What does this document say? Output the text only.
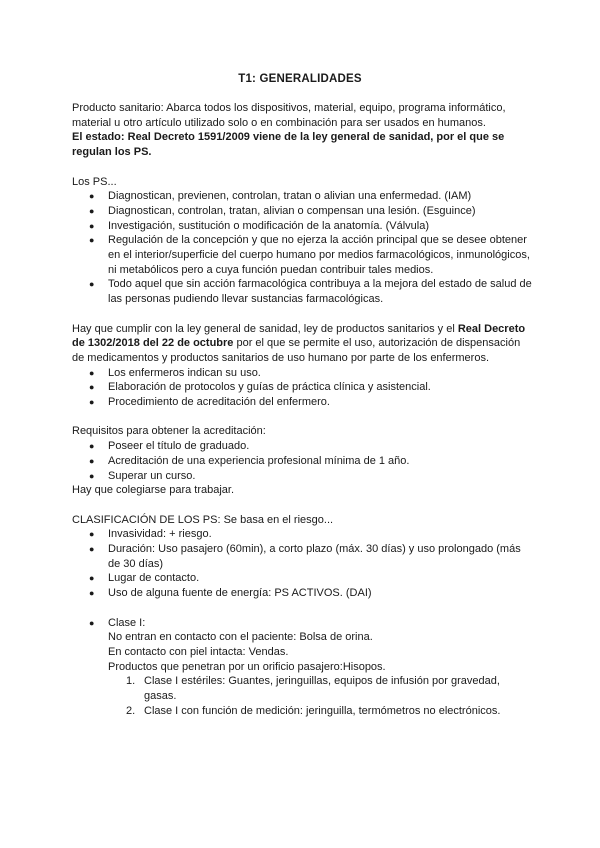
T1: GENERALIDADES

Producto sanitario: Abarca todos los dispositivos, material, equipo, programa informático, material u otro artículo utilizado solo o en combinación para ser usados en humanos.

El estado: Real Decreto 1591/2009 viene de la ley general de sanidad, por el que se regulan los PS.

Los PS...

● Diagnostican, previenen, controlan, tratan o alivian una enfermedad. (IAM)
● Diagnostican, controlan, tratan, alivian o compensan una lesión. (Esguince)
● Investigación, sustitución o modificación de la anatomía. (Válvula)
● Regulación de la concepción y que no ejerza la acción principal que se desee obtener en el interior/superficie del cuerpo humano por medios farmacológicos, inmunológicos, ni metabólicos pero a cuya función puedan contribuir tales medios.
● Todo aquel que sin acción farmacológica contribuya a la mejora del estado de salud de las personas pudiendo llevar sustancias farmacológicas.

Hay que cumplir con la ley general de sanidad, ley de productos sanitarios y el Real Decreto de 1302/2018 del 22 de octubre por el que se permite el uso, autorización de dispensación de medicamentos y productos sanitarios de uso humano por parte de los enfermeros.

● Los enfermeros indican su uso.
● Elaboración de protocolos y guías de práctica clínica y asistencial.
● Procedimiento de acreditación del enfermero.

Requisitos para obtener la acreditación:

● Poseer el título de graduado.
● Acreditación de una experiencia profesional mínima de 1 año.
● Superar un curso.

Hay que colegiarse para trabajar.

CLASIFICACIÓN DE LOS PS: Se basa en el riesgo...

● Invasividad: + riesgo.
● Duración: Uso pasajero (60min), a corto plazo (máx. 30 días) y uso prolongado (más de 30 días)
● Lugar de contacto.
● Uso de alguna fuente de energía: PS ACTIVOS. (DAI)
● Clase I:

No entran en contacto con el paciente: Bolsa de orina.

En contacto con piel intacta: Vendas.

Productos que penetran por un orificio pasajero:Hisopos.

1. Clase I estériles: Guantes, jeringuillas, equipos de infusión por gravedad, gasas.
2. Clase I con función de medición: jeringuilla, termómetros no electrónicos.
